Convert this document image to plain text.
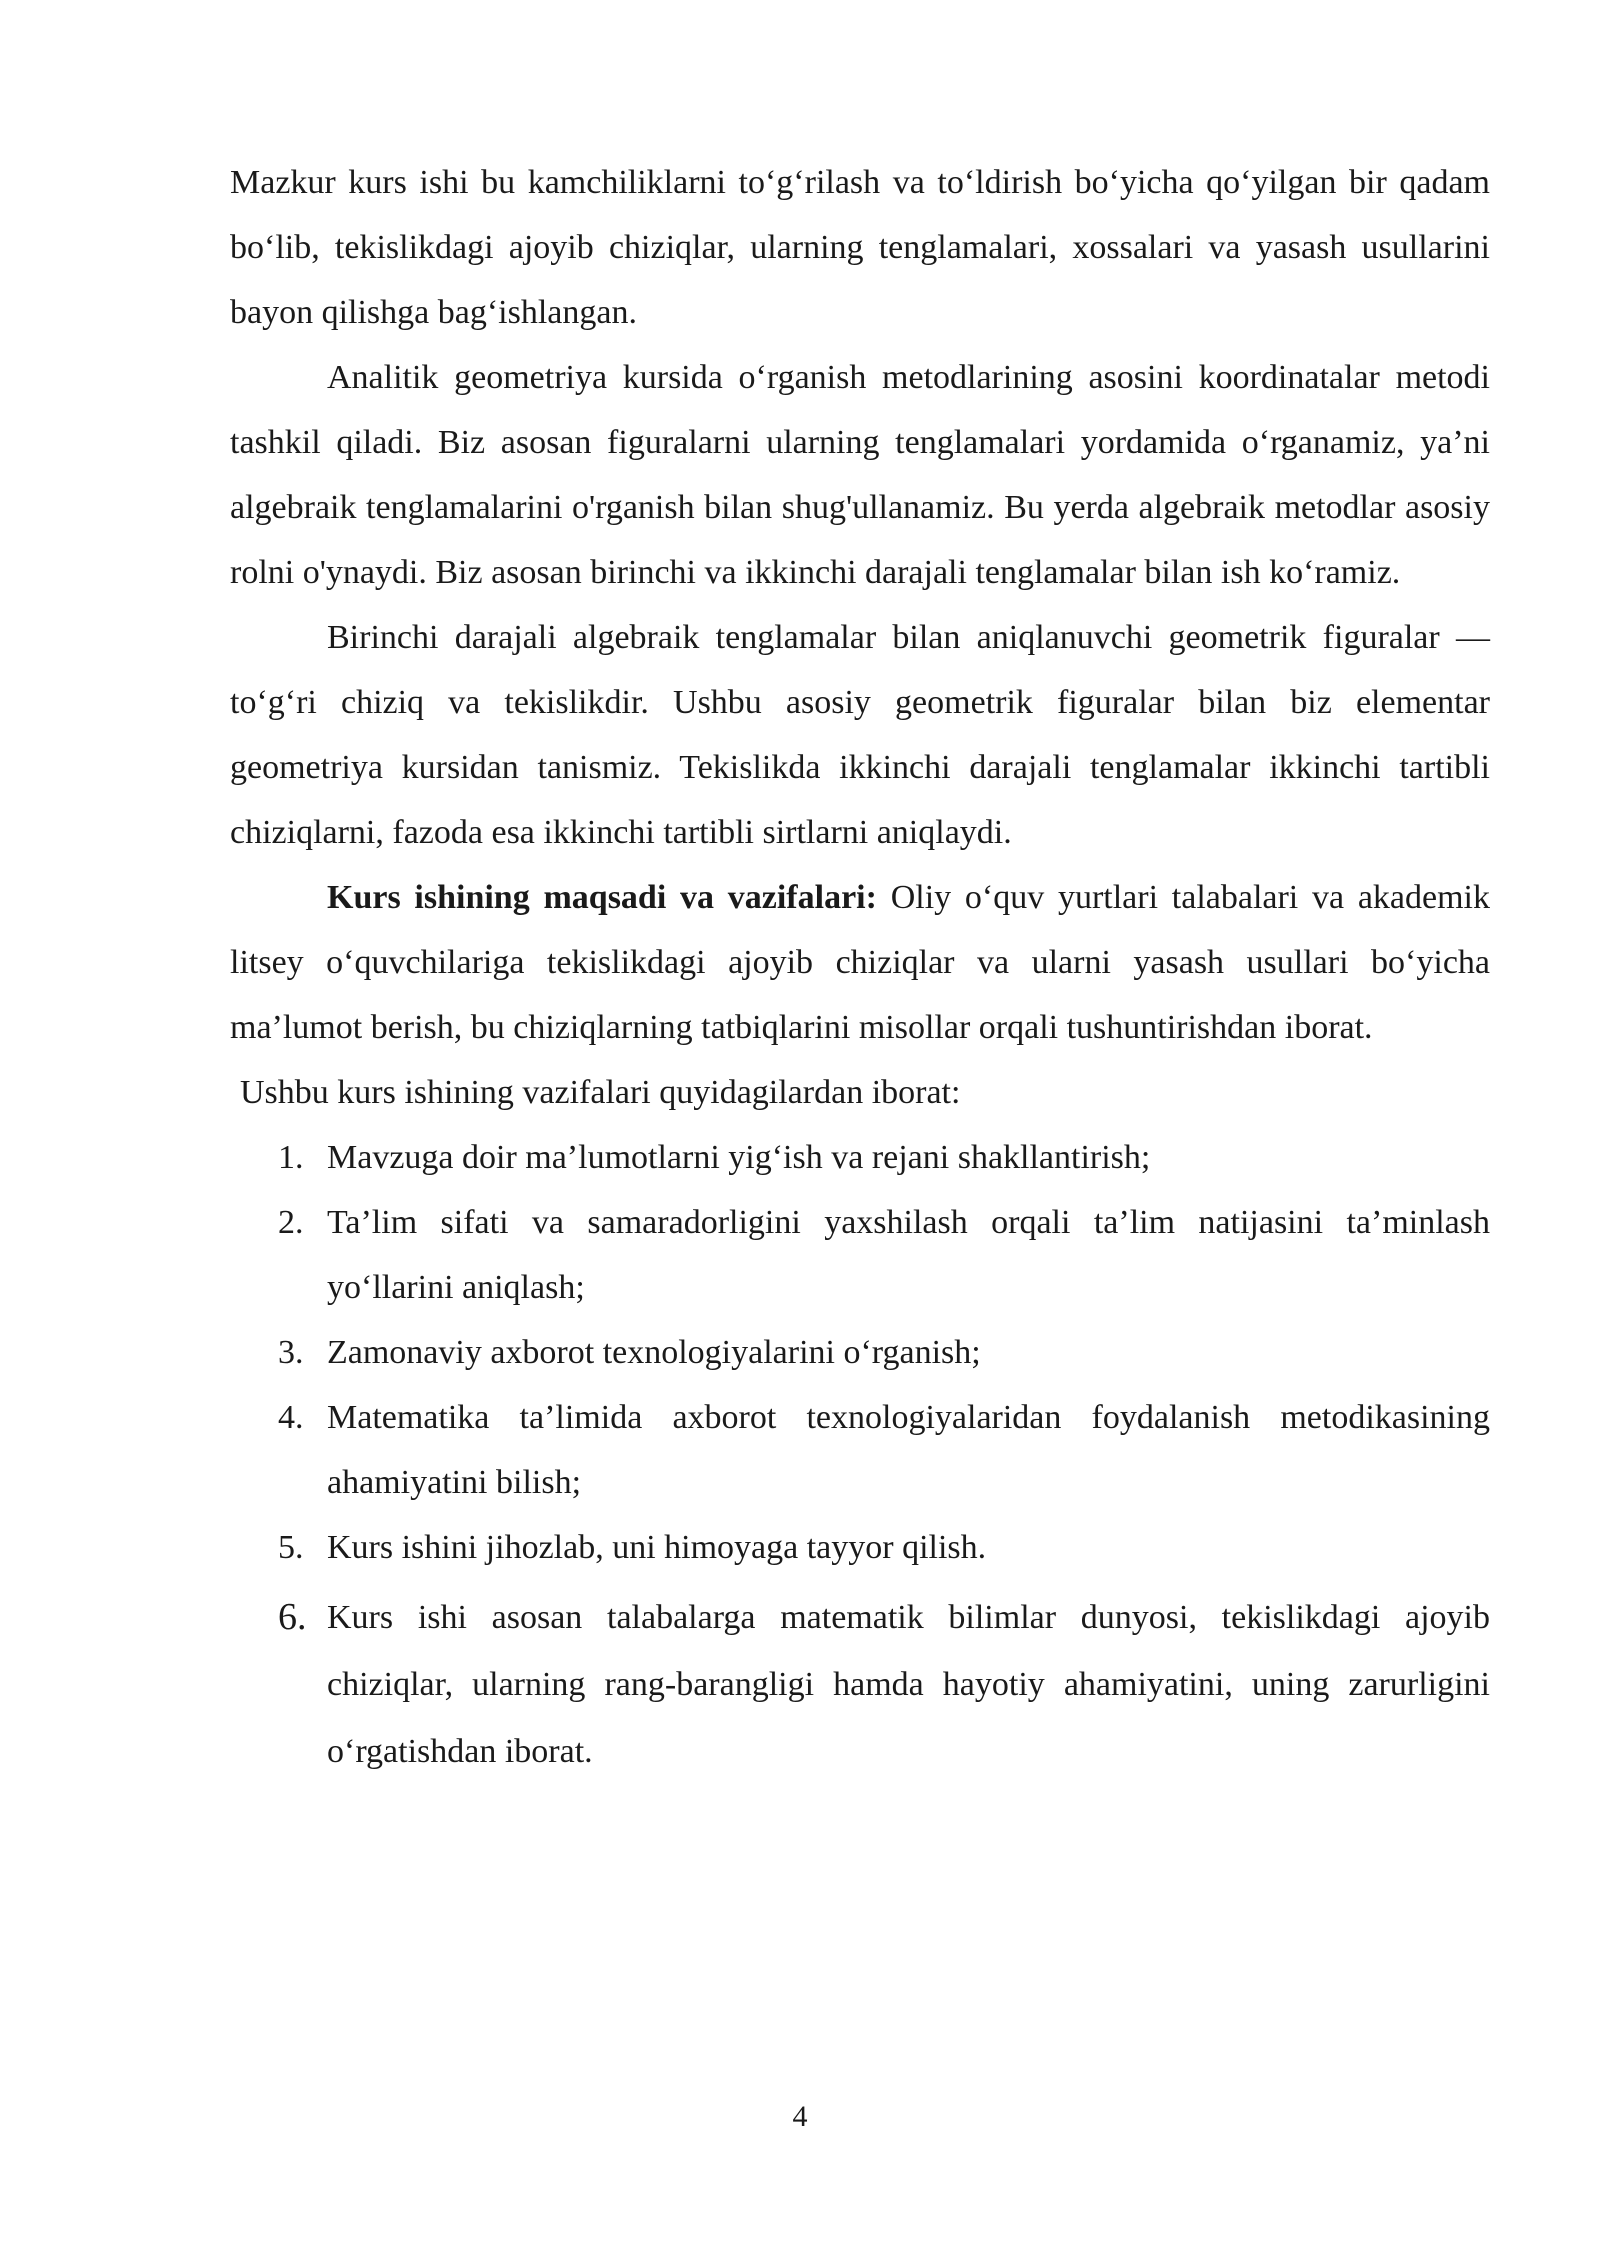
Mazkur kurs ishi bu kamchiliklarni to‘g‘rilash va to‘ldirish bo‘yicha qo‘yilgan bir qadam bo‘lib, tekislikdagi ajoyib chiziqlar, ularning tenglamalari, xossalari va yasash usullarini bayon qilishga bag‘ishlangan.

Analitik geometriya kursida o‘rganish metodlarining asosini koordinatalar metodi tashkil qiladi. Biz asosan figuralarni ularning tenglamalari yordamida o‘rganamiz, ya’ni algebraik tenglamalarini o'rganish bilan shug'ullanamiz. Bu yerda algebraik metodlar asosiy rolni o'ynaydi. Biz asosan birinchi va ikkinchi darajali tenglamalar bilan ish ko‘ramiz.

Birinchi darajali algebraik tenglamalar bilan aniqlanuvchi geometrik figuralar —to‘g‘ri chiziq va tekislikdir. Ushbu asosiy geometrik figuralar bilan biz elementar geometriya kursidan tanismiz. Tekislikda ikkinchi darajali tenglamalar ikkinchi tartibli chiziqlarni, fazoda esa ikkinchi tartibli sirtlarni aniqlaydi.

Kurs ishining maqsadi va vazifalari: Oliy o‘quv yurtlari talabalari va akademik litsey o‘quvchilariga tekislikdagi ajoyib chiziqlar va ularni yasash usullari bo‘yicha ma’lumot berish, bu chiziqlarning tatbiqlarini misollar orqali tushuntirishdan iborat.

Ushbu kurs ishining vazifalari quyidagilardan iborat:

1. Mavzuga doir ma’lumotlarni yig‘ish va rejani shakllantirish;
2. Ta’lim sifati va samaradorligini yaxshilash orqali ta’lim natijasini ta’minlash yo‘llarini aniqlash;
3. Zamonaviy axborot texnologiyalarini o‘rganish;
4. Matematika ta’limida axborot texnologiyalaridan foydalanish metodikasining ahamiyatini bilish;
5. Kurs ishini jihozlab, uni himoyaga tayyor qilish.
6. Kurs ishi asosan talabalarga matematik bilimlar dunyosi, tekislikdagi ajoyib chiziqlar, ularning rang-barangligi hamda hayotiy ahamiyatini, uning zarurligini o‘rgatishdan iborat.
4
